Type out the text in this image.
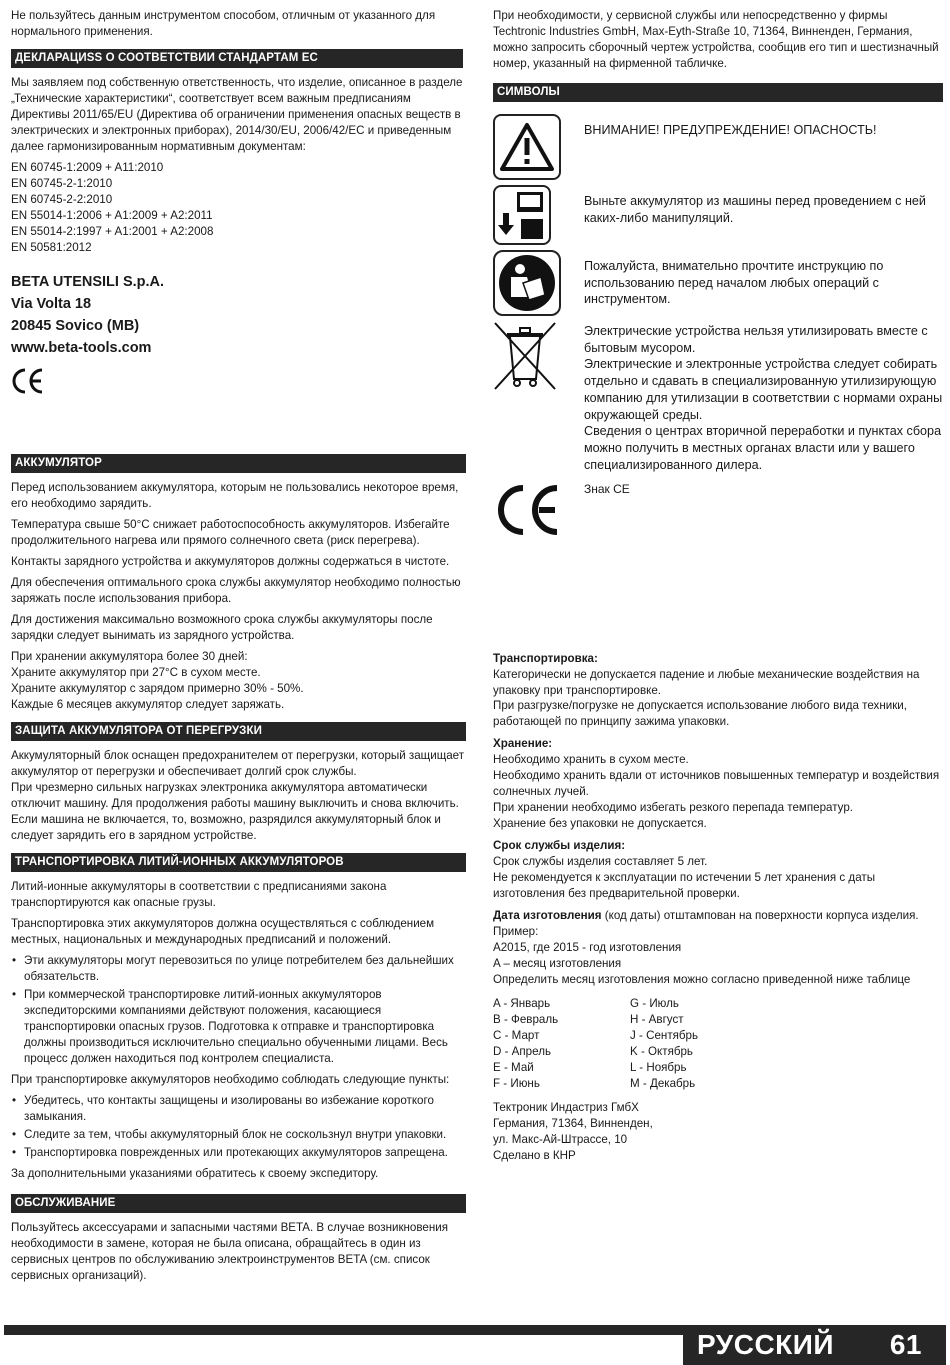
Не пользуйтесь данным инструментом способом, отличным от указанного для нормального применения.

ДЕКЛАРАЦИSS О СООТВЕТСТВИИ СТАНДАРТАМ ЕС

Мы заявляем под собственную ответственность, что изделие, описанное в разделе „Технические характеристики“, соответствует всем важным предписаниям Директивы 2011/65/EU (Директива об ограничении применения опасных веществ в электрических и электронных приборах), 2014/30/EU, 2006/42/EC и приведенным далее гармонизированным нормативным документам:

EN 60745-1:2009 + A11:2010

EN 60745-2-1:2010

EN 60745-2-2:2010

EN 55014-1:2006 + A1:2009 + A2:2011

EN 55014-2:1997 + A1:2001 + A2:2008

EN 50581:2012

BETA UTENSILI S.p.A.
Via Volta 18
20845 Sovico (MB)
www.beta-tools.com
АККУМУЛЯТОР

Перед использованием аккумулятора, которым не пользовались некоторое время, его необходимо зарядить.

Температура свыше 50°C снижает работоспособность аккумуляторов. Избегайте продолжительного нагрева или прямого солнечного света (риск перегрева).

Контакты зарядного устройства и аккумуляторов должны содержаться в чистоте.

Для обеспечения оптимального срока службы аккумулятор необходимо полностью заряжать после использования прибора.

Для достижения максимально возможного срока службы аккумуляторы после зарядки следует вынимать из зарядного устройства.

При хранении аккумулятора более 30 дней:
Храните аккумулятор при 27°C в сухом месте.
Храните аккумулятор с зарядом примерно 30% - 50%.
Каждые 6 месяцев аккумулятор следует заряжать.
ЗАЩИТА АККУМУЛЯТОРА ОТ ПЕРЕГРУЗКИ
Аккумуляторный блок оснащен предохранителем от перегрузки, который защищает аккумулятор от перегрузки и обеспечивает долгий срок службы.

При чрезмерно сильных нагрузках электроника аккумулятора автоматически отключит машину. Для продолжения работы машину выключить и снова включить. Если машина не включается, то, возможно, разрядился аккумуляторный блок и следует зарядить его в зарядном устройстве.

ТРАНСПОРТИРОВКА ЛИТИЙ-ИОННЫХ АККУМУЛЯТОРОВ

Литий-ионные аккумуляторы в соответствии с предписаниями закона транспортируются как опасные грузы.

Транспортировка этих аккумуляторов должна осуществляться с соблюдением местных, национальных и международных предписаний и положений.

• Эти аккумуляторы могут перевозиться по улице потребителем без дальнейших обязательств.
• При коммерческой транспортировке литий-ионных аккумуляторов экспедиторскими компаниями действуют положения, касающиеся транспортировки опасных грузов. Подготовка к отправке и транспортировка должны производиться исключительно специально обученными лицами. Весь процесс должен находиться под контролем специалиста.

При транспортировке аккумуляторов необходимо соблюдать следующие пункты:

• Убедитесь, что контакты защищены и изолированы во избежание короткого замыкания.
• Следите за тем, чтобы аккумуляторный блок не соскользнул внутри упаковки.
• Транспортировка поврежденных или протекающих аккумуляторов запрещена.

За дополнительными указаниями обратитесь к своему экспедитору.

ОБСЛУЖИВАНИЕ

Пользуйтесь аксессуарами и запасными частями BETA. В случае возникновения необходимости в замене, которая не была описана, обращайтесь в один из сервисных центров по обслуживанию электроинструментов BETA (см. список сервисных организаций).

При необходимости, у сервисной службы или непосредственно у фирмы Techtronic Industries GmbH, Max-Eyth-Straße 10, 71364, Винненден, Германия, можно запросить сборочный чертеж устройства, сообщив его тип и шестизначный номер, указанный на фирменной табличке.

СИМВОЛЫ
ВНИМАНИЕ! ПРЕДУПРЕЖДЕНИЕ! ОПАСНОСТЬ!
Выньте аккумулятор из машины перед проведением с ней каких-либо манипуляций.
Пожалуйста, внимательно прочтите инструкцию по использованию перед началом любых операций с инструментом.
Электрические устройства нельзя утилизировать вместе с бытовым мусором.
Электрические и электронные устройства следует собирать отдельно и сдавать в специализированную утилизирующую компанию для утилизации в соответствии с нормами охраны окружающей среды.
Сведения о центрах вторичной переработки и пунктах сбора можно получить в местных органах власти или у вашего специализированного дилера.
Знак CE
Транспортировка:

Категорически не допускается падение и любые механические воздействия на упаковку при транспортировке.

При разгрузке/погрузке не допускается использование любого вида техники, работающей по принципу зажима упаковки.

Хранение:

Необходимо хранить в сухом месте.

Необходимо хранить вдали от источников повышенных температур и воздействия солнечных лучей.

При хранении необходимо избегать резкого перепада температур.

Хранение без упаковки не допускается.

Срок службы изделия:

Срок службы изделия составляет 5 лет.

Не рекомендуется к эксплуатации по истечении 5 лет хранения с даты изготовления без предварительной проверки.

Дата изготовления (код даты) отштампован на поверхности корпуса изделия.

Пример:

A2015, где 2015 - год изготовления

A – месяц изготовления

Определить месяц изготовления можно согласно приведенной ниже таблице

A - Январь

B - Февраль

C - Март

D - Апрель

E - Май

F - Июнь

G - Июль

H - Август

J - Сентябрь

K - Октябрь

L - Ноябрь

M - Декабрь

Тектроник Индастриз ГмбХ

Германия, 71364, Винненден,

ул. Макс-Ай-Штрассе, 10

Сделано в КНР

РУССКИЙ 61
